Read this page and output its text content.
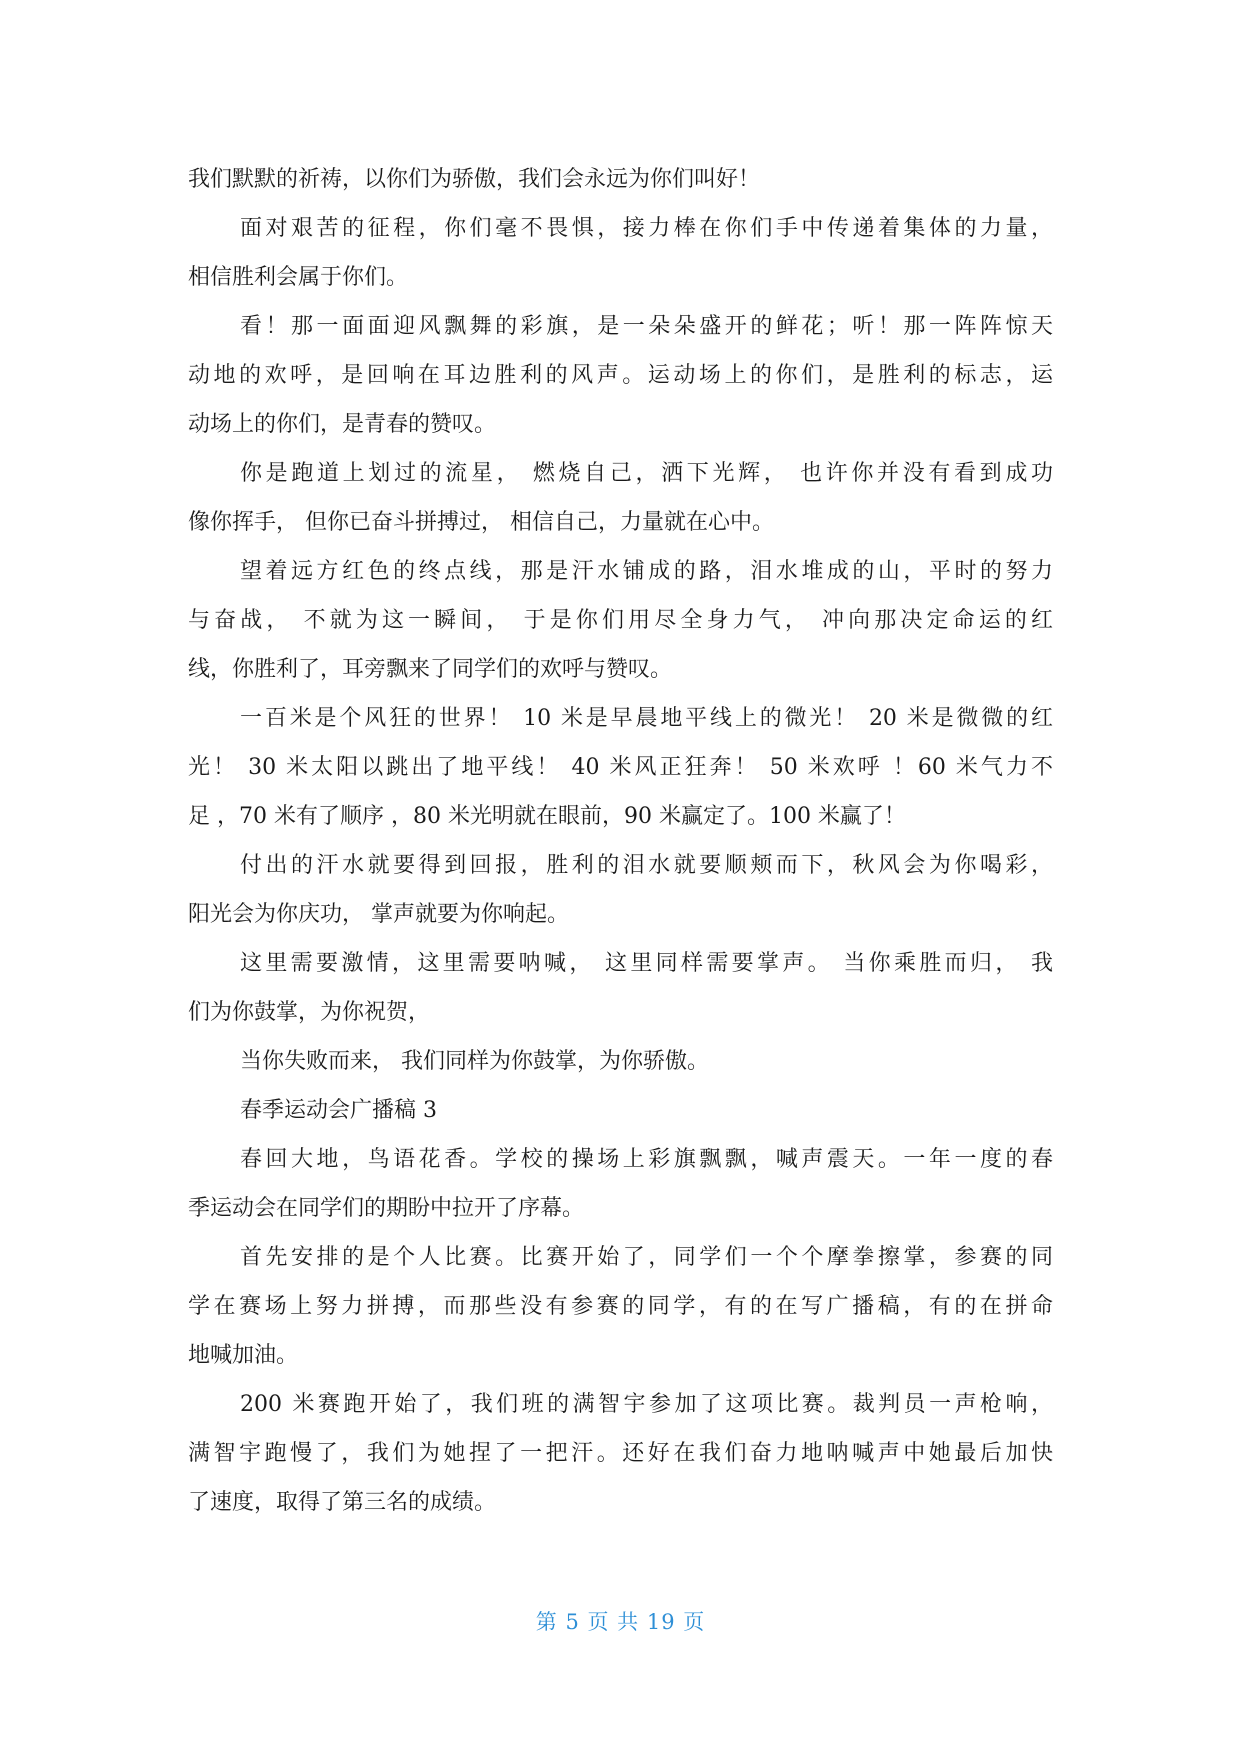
我们默默的祈祷，以你们为骄傲，我们会永远为你们叫好！
面对艰苦的征程，你们毫不畏惧，接力棒在你们手中传递着集体的力量，
相信胜利会属于你们。
看！那一面面迎风飘舞的彩旗，是一朵朵盛开的鲜花；听！那一阵阵惊天
动地的欢呼，是回响在耳边胜利的风声。运动场上的你们，是胜利的标志，运
动场上的你们，是青春的赞叹。
你是跑道上划过的流星， 燃烧自己，洒下光辉， 也许你并没有看到成功
像你挥手， 但你已奋斗拼搏过， 相信自己，力量就在心中。
望着远方红色的终点线，那是汗水铺成的路，泪水堆成的山，平时的努力
与奋战， 不就为这一瞬间， 于是你们用尽全身力气， 冲向那决定命运的红
线，你胜利了，耳旁飘来了同学们的欢呼与赞叹。
一百米是个风狂的世界！ 10 米是早晨地平线上的微光！ 20 米是微微的红
光！ 30 米太阳以跳出了地平线！ 40 米风正狂奔！ 50 米欢呼 ！60 米气力不
足 ，70 米有了顺序 ，80 米光明就在眼前，90 米赢定了。100 米赢了！
付出的汗水就要得到回报，胜利的泪水就要顺颊而下，秋风会为你喝彩，
阳光会为你庆功， 掌声就要为你响起。
这里需要激情，这里需要呐喊， 这里同样需要掌声。 当你乘胜而归， 我
们为你鼓掌，为你祝贺，
当你失败而来， 我们同样为你鼓掌，为你骄傲。
春季运动会广播稿 3
春回大地，鸟语花香。学校的操场上彩旗飘飘，喊声震天。一年一度的春
季运动会在同学们的期盼中拉开了序幕。
首先安排的是个人比赛。比赛开始了，同学们一个个摩拳擦掌，参赛的同
学在赛场上努力拼搏，而那些没有参赛的同学，有的在写广播稿，有的在拼命
地喊加油。
200 米赛跑开始了，我们班的满智宇参加了这项比赛。裁判员一声枪响，
满智宇跑慢了，我们为她捏了一把汗。还好在我们奋力地呐喊声中她最后加快
了速度，取得了第三名的成绩。
第 5 页 共 19 页
